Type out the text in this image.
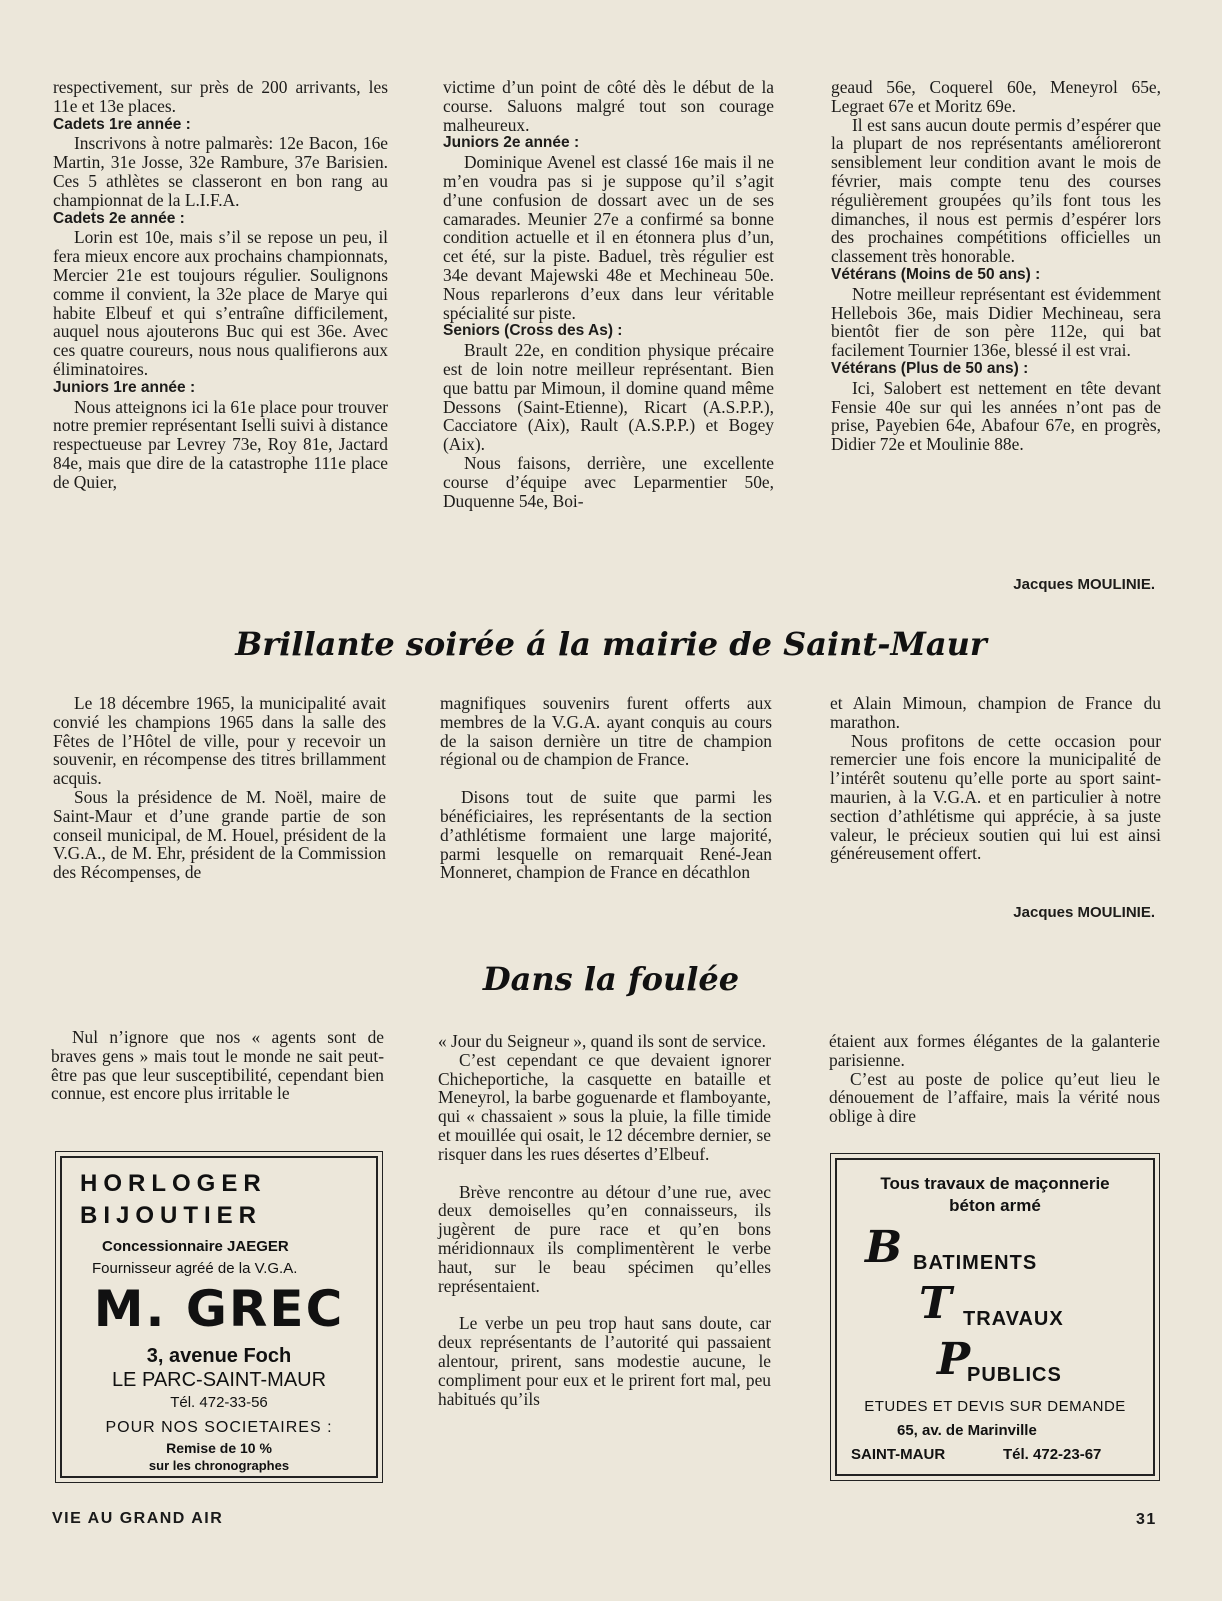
respectivement, sur près de 200 arrivants, les 11e et 13e places.

Cadets 1re année :

Inscrivons à notre palmarès: 12e Bacon, 16e Martin, 31e Josse, 32e Rambure, 37e Barisien. Ces 5 athlètes se classeront en bon rang au championnat de la L.I.F.A.

Cadets 2e année :

Lorin est 10e, mais s’il se repose un peu, il fera mieux encore aux prochains championnats, Mercier 21e est toujours régulier. Soulignons comme il convient, la 32e place de Marye qui habite Elbeuf et qui s’entraîne difficilement, auquel nous ajouterons Buc qui est 36e. Avec ces quatre coureurs, nous nous qualifierons aux éliminatoires.

Juniors 1re année :

Nous atteignons ici la 61e place pour trouver notre premier représentant Iselli suivi à distance respectueuse par Levrey 73e, Roy 81e, Jactard 84e, mais que dire de la catastrophe 111e place de Quier,

victime d’un point de côté dès le début de la course. Saluons malgré tout son courage malheureux.

Juniors 2e année :

Dominique Avenel est classé 16e mais il ne m’en voudra pas si je suppose qu’il s’agit d’une confusion de dossart avec un de ses camarades. Meunier 27e a confirmé sa bonne condition actuelle et il en étonnera plus d’un, cet été, sur la piste. Baduel, très régulier est 34e devant Majewski 48e et Mechineau 50e. Nous reparlerons d’eux dans leur véritable spécialité sur piste.

Seniors (Cross des As) :

Brault 22e, en condition physique précaire est de loin notre meilleur représentant. Bien que battu par Mimoun, il domine quand même Dessons (Saint-Etienne), Ricart (A.S.P.P.), Cacciatore (Aix), Rault (A.S.P.P.) et Bogey (Aix).

Nous faisons, derrière, une excellente course d’équipe avec Leparmentier 50e, Duquenne 54e, Boi-

geaud 56e, Coquerel 60e, Meneyrol 65e, Legraet 67e et Moritz 69e.

Il est sans aucun doute permis d’espérer que la plupart de nos représentants amélioreront sensiblement leur condition avant le mois de février, mais compte tenu des courses régulièrement groupées qu’ils font tous les dimanches, il nous est permis d’espérer lors des prochaines compétitions officielles un classement très honorable.

Vétérans (Moins de 50 ans) :

Notre meilleur représentant est évidemment Hellebois 36e, mais Didier Mechineau, sera bientôt fier de son père 112e, qui bat facilement Tournier 136e, blessé il est vrai.

Vétérans (Plus de 50 ans) :

Ici, Salobert est nettement en tête devant Fensie 40e sur qui les années n’ont pas de prise, Payebien 64e, Abafour 67e, en progrès, Didier 72e et Moulinie 88e.

Jacques MOULINIE.
Brillante soirée á la mairie de Saint-Maur

Le 18 décembre 1965, la municipalité avait convié les champions 1965 dans la salle des Fêtes de l’Hôtel de ville, pour y recevoir un souvenir, en récompense des titres brillamment acquis.

Sous la présidence de M. Noël, maire de Saint-Maur et d’une grande partie de son conseil municipal, de M. Houel, président de la V.G.A., de M. Ehr, président de la Commission des Récompenses, de

magnifiques souvenirs furent offerts aux membres de la V.G.A. ayant conquis au cours de la saison dernière un titre de champion régional ou de champion de France.

Disons tout de suite que parmi les bénéficiaires, les représentants de la section d’athlétisme formaient une large majorité, parmi lesquelle on remarquait René-Jean Monneret, champion de France en décathlon

et Alain Mimoun, champion de France du marathon.

Nous profitons de cette occasion pour remercier une fois encore la municipalité de l’intérêt soutenu qu’elle porte au sport saint-maurien, à la V.G.A. et en particulier à notre section d’athlétisme qui apprécie, à sa juste valeur, le précieux soutien qui lui est ainsi généreusement offert.

Jacques MOULINIE.
Dans la foulée

Nul n’ignore que nos « agents sont de braves gens » mais tout le monde ne sait peut-être pas que leur susceptibilité, cependant bien connue, est encore plus irritable le

« Jour du Seigneur », quand ils sont de service.

C’est cependant ce que devaient ignorer Chicheportiche, la casquette en bataille et Meneyrol, la barbe goguenarde et flamboyante, qui « chassaient » sous la pluie, la fille timide et mouillée qui osait, le 12 décembre dernier, se risquer dans les rues désertes d’Elbeuf.

Brève rencontre au détour d’une rue, avec deux demoiselles qu’en connaisseurs, ils jugèrent de pure race et qu’en bons méridionnaux ils complimentèrent le verbe haut, sur le beau spécimen qu’elles représentaient.

Le verbe un peu trop haut sans doute, car deux représentants de l’autorité qui passaient alentour, prirent, sans modestie aucune, le compliment pour eux et le prirent fort mal, peu habitués qu’ils

étaient aux formes élégantes de la galanterie parisienne.

C’est au poste de police qu’eut lieu le dénouement de l’affaire, mais la vérité nous oblige à dire

HORLOGER
BIJOUTIER
Concessionnaire JAEGER
Fournisseur agréé de la V.G.A.
M. GREC
3, avenue Foch
LE PARC-SAINT-MAUR
Tél. 472-33-56
POUR NOS SOCIETAIRES :
Remise de 10 %
sur les chronographes
Tous travaux de maçonnerie
béton armé
B BATIMENTS
T TRAVAUX
P
PUBLICS
ETUDES ET DEVIS SUR DEMANDE
65, av. de Marinville
SAINT-MAUR	Tél. 472-23-67
VIE AU GRAND AIR	31
